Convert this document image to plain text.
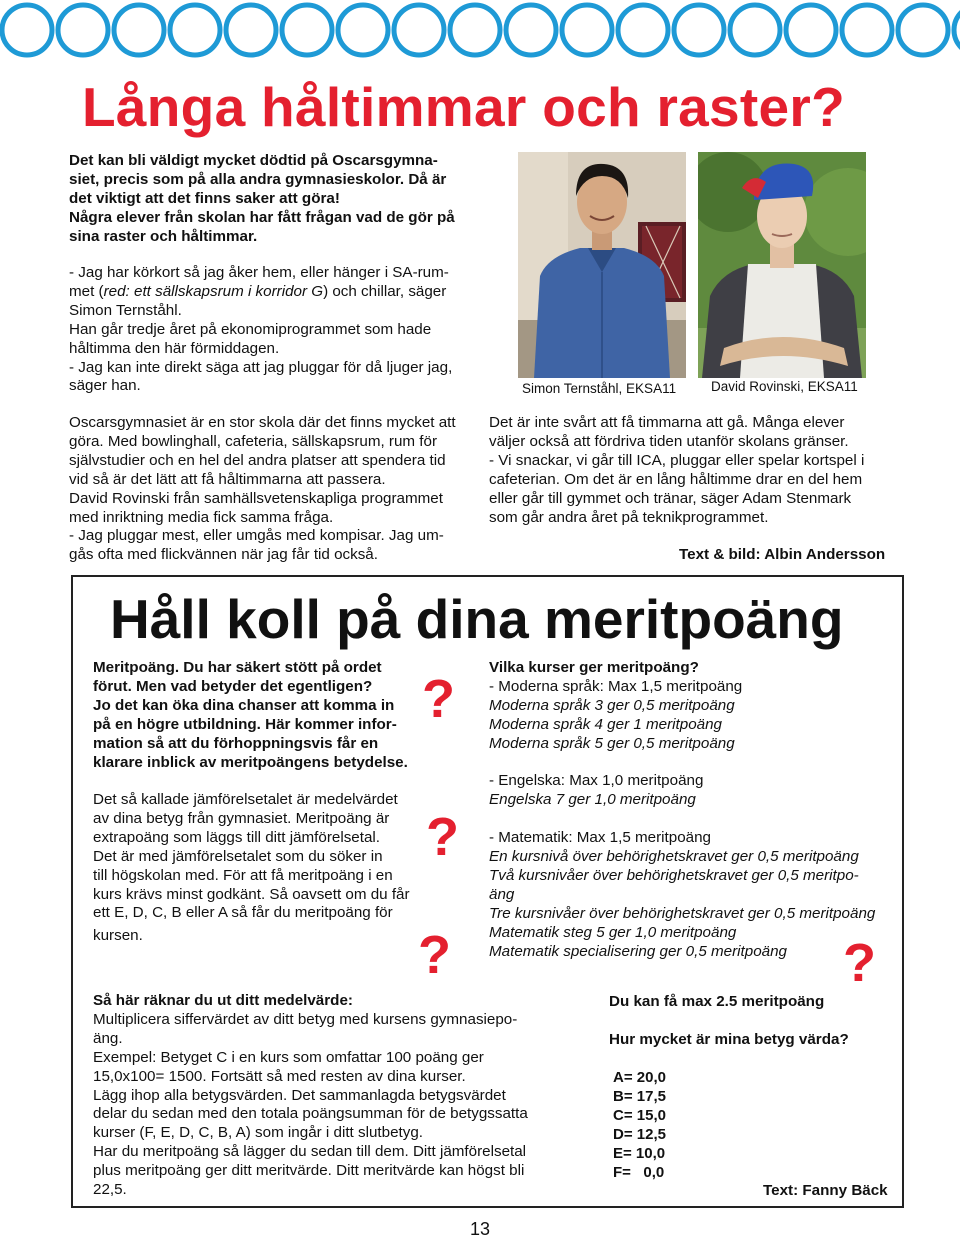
Långa håltimmar och raster?

Det kan bli väldigt mycket dödtid på Oscarsgymna-

siet, precis som på alla andra gymnasieskolor. Då är

det viktigt att det finns saker att göra!

Några elever från skolan har fått frågan vad de gör på

sina raster och håltimmar.

- Jag har körkort så jag åker hem, eller hänger i SA-rum-

met (red: ett sällskapsrum i korridor G) och chillar, säger

Simon Ternståhl.

Han går tredje året på ekonomiprogrammet som hade

håltimma den här förmiddagen.

- Jag kan inte direkt säga att jag pluggar för då ljuger jag,

säger han.

Oscarsgymnasiet är en stor skola där det finns mycket att

göra. Med bowlinghall, cafeteria, sällskapsrum, rum för

självstudier och en hel del andra platser att spendera tid

vid så är det lätt att få håltimmarna att passera.

David Rovinski från samhällsvetenskapliga programmet

med inriktning media fick samma fråga.

- Jag pluggar mest, eller umgås med kompisar. Jag um-

gås ofta med flickvännen när jag får tid också.

Simon Ternståhl, EKSA11	David Rovinski, EKSA11

Det är inte svårt att få timmarna att gå. Många elever

väljer också att fördriva tiden utanför skolans gränser.

- Vi snackar, vi går till ICA, pluggar eller spelar kortspel i

cafeterian. Om det är en lång håltimme drar en del hem

eller går till gymmet och tränar, säger Adam Stenmark

som går andra året på teknikprogrammet.

Text & bild: Albin Andersson
Håll koll på dina meritpoäng

Meritpoäng. Du har säkert stött på ordet

förut. Men vad betyder det egentligen?

Jo det kan öka dina chanser att komma in

på en högre utbildning. Här kommer infor-

mation så att du förhoppningsvis får en

klarare inblick av meritpoängens betydelse.

Det så kallade jämförelsetalet är medelvärdet

av dina betyg från gymnasiet. Meritpoäng är

extrapoäng som läggs till ditt jämförelsetal.

Det är med jämförelsetalet som du söker in

till högskolan med. För att få meritpoäng i en

kurs krävs minst godkänt. Så oavsett om du får

ett E, D, C, B eller A så får du meritpoäng för

kursen.

?
?
?	?

Vilka kurser ger meritpoäng?

- Moderna språk: Max 1,5 meritpoäng

Moderna språk 3 ger 0,5 meritpoäng

Moderna språk 4 ger 1 meritpoäng

Moderna språk 5 ger 0,5 meritpoäng

- Engelska: Max 1,0 meritpoäng

Engelska 7 ger 1,0 meritpoäng

- Matematik: Max 1,5 meritpoäng

En kursnivå över behörighetskravet ger 0,5 meritpoäng

Två kursnivåer över behörighetskravet ger 0,5 meritpo-

äng

Tre kursnivåer över behörighetskravet ger 0,5 meritpoäng

Matematik steg 5 ger 1,0 meritpoäng

Matematik specialisering ger 0,5 meritpoäng

Så här räknar du ut ditt medelvärde:

Multiplicera siffervärdet av ditt betyg med kursens gymnasiepo-

äng.

Exempel: Betyget C i en kurs som omfattar 100 poäng ger

15,0x100= 1500. Fortsätt så med resten av dina kurser.

Lägg ihop alla betygsvärden. Det sammanlagda betygsvärdet

delar du sedan med den totala poängsumman för de betygssatta

kurser (F, E, D, C, B, A) som ingår i ditt slutbetyg.

Har du meritpoäng så lägger du sedan till dem. Ditt jämförelsetal

plus meritpoäng ger ditt meritvärde. Ditt meritvärde kan högst bli

22,5.

Du kan få max 2.5 meritpoäng
Hur mycket är mina betyg värda?
A= 20,0
B= 17,5
C= 15,0
D= 12,5
E= 10,0
F=   0,0
Text: Fanny Bäck
13
